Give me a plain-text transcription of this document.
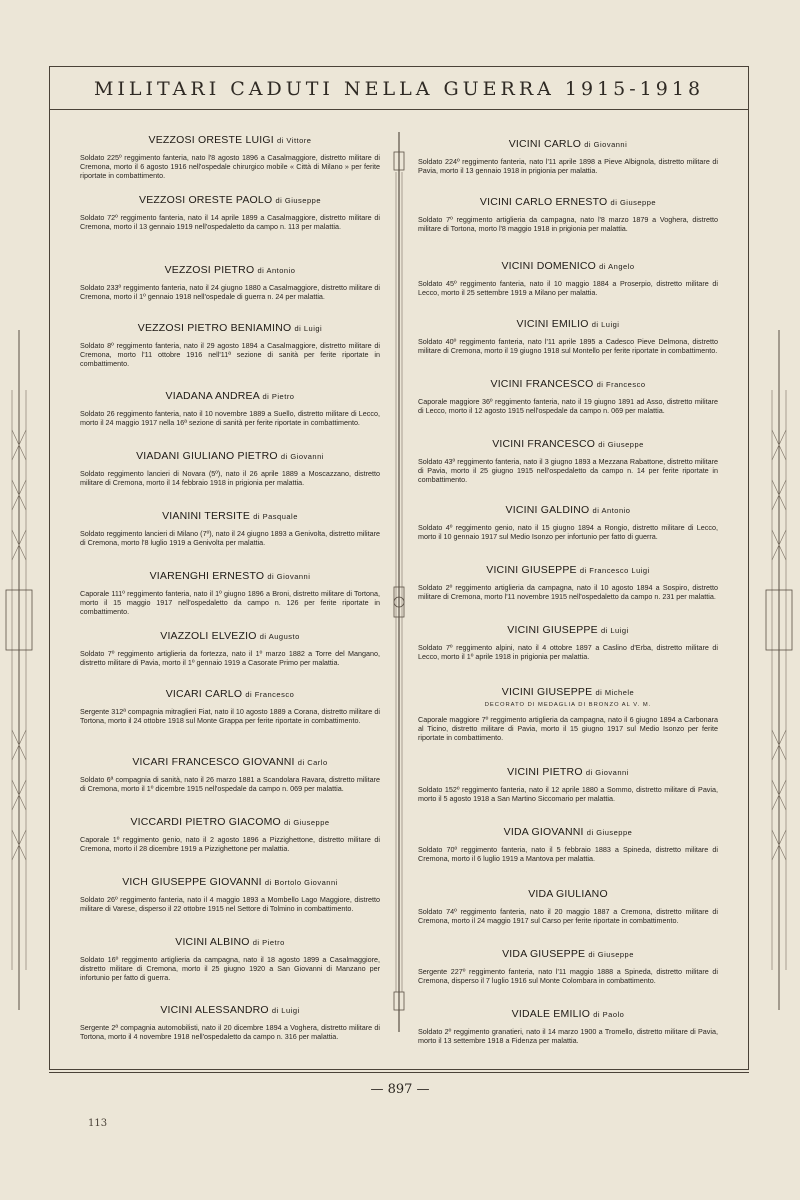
MILITARI CADUTI NELLA GUERRA 1915-1918
VEZZOSI ORESTE LUIGI di Vittore
Soldato 225º reggimento fanteria, nato l'8 agosto 1896 a Casalmaggiore, distretto militare di Cremona, morto il 6 agosto 1916 nell'ospedale chirurgico mobile « Città di Milano » per ferite riportate in combattimento.
VEZZOSI ORESTE PAOLO di Giuseppe
Soldato 72º reggimento fanteria, nato il 14 aprile 1899 a Casalmaggiore, distretto militare di Cremona, morto il 13 gennaio 1919 nell'ospedaletto da campo n. 113 per malattia.
VEZZOSI PIETRO di Antonio
Soldato 233º reggimento fanteria, nato il 24 giugno 1880 a Casalmaggiore, distretto militare di Cremona, morto il 1º gennaio 1918 nell'ospedale di guerra n. 24 per malattia.
VEZZOSI PIETRO BENIAMINO di Luigi
Soldato 8º reggimento fanteria, nato il 29 agosto 1894 a Casalmaggiore, distretto militare di Cremona, morto l'11 ottobre 1916 nell'11ª sezione di sanità per ferite riportate in combattimento.
VIADANA ANDREA di Pietro
Soldato 26 reggimento fanteria, nato il 10 novembre 1889 a Suello, distretto militare di Lecco, morto il 24 maggio 1917 nella 16ª sezione di sanità per ferite riportate in combattimento.
VIADANI GIULIANO PIETRO di Giovanni
Soldato reggimento lancieri di Novara (5º), nato il 26 aprile 1889 a Moscazzano, distretto militare di Cremona, morto il 14 febbraio 1918 in prigionia per malattia.
VIANINI TERSITE di Pasquale
Soldato reggimento lancieri di Milano (7º), nato il 24 giugno 1893 a Genivolta, distretto militare di Cremona, morto l'8 luglio 1919 a Genivolta per malattia.
VIARENGHI ERNESTO di Giovanni
Caporale 111º reggimento fanteria, nato il 1º giugno 1896 a Broni, distretto militare di Tortona, morto il 15 maggio 1917 nell'ospedaletto da campo n. 126 per ferite riportate in combattimento.
VIAZZOLI ELVEZIO di Augusto
Soldato 7º reggimento artiglieria da fortezza, nato il 1º marzo 1882 a Torre del Mangano, distretto militare di Pavia, morto il 1º gennaio 1919 a Casorate Primo per malattia.
VICARI CARLO di Francesco
Sergente 312ª compagnia mitraglieri Fiat, nato il 10 agosto 1889 a Corana, distretto militare di Tortona, morto il 24 ottobre 1918 sul Monte Grappa per ferite riportate in combattimento.
VICARI FRANCESCO GIOVANNI di Carlo
Soldato 6ª compagnia di sanità, nato il 26 marzo 1881 a Scandolara Ravara, distretto militare di Cremona, morto il 1º dicembre 1915 nell'ospedale da campo n. 069 per malattia.
VICCARDI PIETRO GIACOMO di Giuseppe
Caporale 1º reggimento genio, nato il 2 agosto 1896 a Pizzighettone, distretto militare di Cremona, morto il 28 dicembre 1919 a Pizzighettone per malattia.
VICH GIUSEPPE GIOVANNI di Bortolo Giovanni
Soldato 26º reggimento fanteria, nato il 4 maggio 1893 a Mombello Lago Maggiore, distretto militare di Varese, disperso il 22 ottobre 1915 nel Settore di Tolmino in combattimento.
VICINI ALBINO di Pietro
Soldato 16º reggimento artiglieria da campagna, nato il 18 agosto 1899 a Casalmaggiore, distretto militare di Cremona, morto il 25 giugno 1920 a San Giovanni di Manzano per infortunio per fatto di guerra.
VICINI ALESSANDRO di Luigi
Sergente 2ª compagnia automobilisti, nato il 20 dicembre 1894 a Voghera, distretto militare di Tortona, morto il 4 novembre 1918 nell'ospedaletto da campo n. 316 per malattia.
VICINI CARLO di Giovanni
Soldato 224º reggimento fanteria, nato l'11 aprile 1898 a Pieve Albignola, distretto militare di Pavia, morto il 13 gennaio 1918 in prigionia per malattia.
VICINI CARLO ERNESTO di Giuseppe
Soldato 7º reggimento artiglieria da campagna, nato l'8 marzo 1879 a Voghera, distretto militare di Tortona, morto l'8 maggio 1918 in prigionia per malattia.
VICINI DOMENICO di Angelo
Soldato 45º reggimento fanteria, nato il 10 maggio 1884 a Proserpio, distretto militare di Lecco, morto il 25 settembre 1919 a Milano per malattia.
VICINI EMILIO di Luigi
Soldato 40º reggimento fanteria, nato l'11 aprile 1895 a Cadesco Pieve Delmona, distretto militare di Cremona, morto il 19 giugno 1918 sul Montello per ferite riportate in combattimento.
VICINI FRANCESCO di Francesco
Caporale maggiore 36º reggimento fanteria, nato il 19 giugno 1891 ad Asso, distretto militare di Lecco, morto il 12 agosto 1915 nell'ospedale da campo n. 069 per malattia.
VICINI FRANCESCO di Giuseppe
Soldato 43º reggimento fanteria, nato il 3 giugno 1893 a Mezzana Rabattone, distretto militare di Pavia, morto il 25 giugno 1915 nell'ospedaletto da campo n. 14 per ferite riportate in combattimento.
VICINI GALDINO di Antonio
Soldato 4º reggimento genio, nato il 15 giugno 1894 a Rongio, distretto militare di Lecco, morto il 10 gennaio 1917 sul Medio Isonzo per infortunio per fatto di guerra.
VICINI GIUSEPPE di Francesco Luigi
Soldato 2º reggimento artiglieria da campagna, nato il 10 agosto 1894 a Sospiro, distretto militare di Cremona, morto l'11 novembre 1915 nell'ospedaletto da campo n. 231 per malattia.
VICINI GIUSEPPE di Luigi
Soldato 7º reggimento alpini, nato il 4 ottobre 1897 a Caslino d'Erba, distretto militare di Lecco, morto il 1º aprile 1918 in prigionia per malattia.
VICINI GIUSEPPE di Michele
DECORATO DI MEDAGLIA DI BRONZO AL V. M.
Caporale maggiore 7º reggimento artiglieria da campagna, nato il 6 giugno 1894 a Carbonara al Ticino, distretto militare di Pavia, morto il 15 giugno 1917 sul Medio Isonzo per ferite riportate in combattimento.
VICINI PIETRO di Giovanni
Soldato 152º reggimento fanteria, nato il 12 aprile 1880 a Sommo, distretto militare di Pavia, morto il 5 agosto 1918 a San Martino Siccomario per malattia.
VIDA GIOVANNI di Giuseppe
Soldato 70º reggimento fanteria, nato il 5 febbraio 1883 a Spineda, distretto militare di Cremona, morto il 6 luglio 1919 a Mantova per malattia.
VIDA GIULIANO
Soldato 74º reggimento fanteria, nato il 20 maggio 1887 a Cremona, distretto militare di Cremona, morto il 24 maggio 1917 sul Carso per ferite riportate in combattimento.
VIDA GIUSEPPE di Giuseppe
Sergente 227º reggimento fanteria, nato l'11 maggio 1888 a Spineda, distretto militare di Cremona, disperso il 7 luglio 1916 sul Monte Colombara in combattimento.
VIDALE EMILIO di Paolo
Soldato 2º reggimento granatieri, nato il 14 marzo 1900 a Tromello, distretto militare di Pavia, morto il 13 settembre 1918 a Fidenza per malattia.
— 897 —
113
